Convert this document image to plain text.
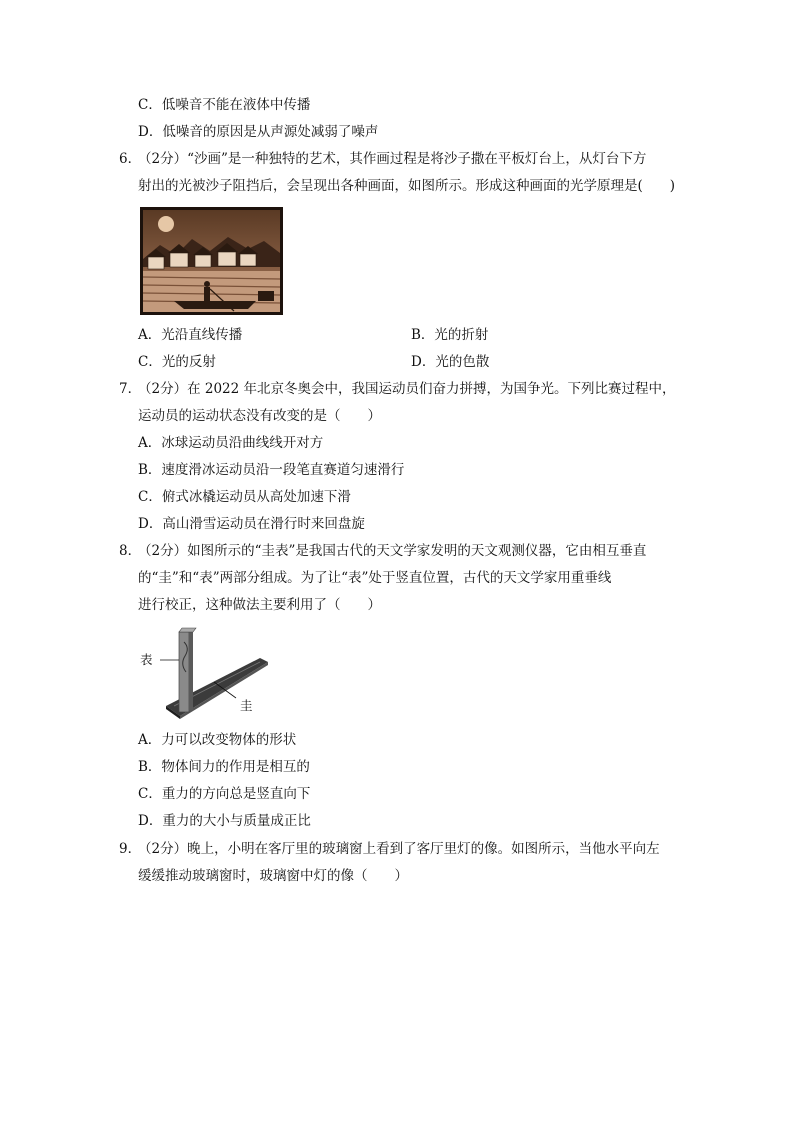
C．低噪音不能在液体中传播
D．低噪音的原因是从声源处减弱了噪声
6．
（2分）“沙画”是一种独特的艺术，其作画过程是将沙子撒在平板灯台上，从灯台下方
射出的光被沙子阻挡后，会呈现出各种画面，如图所示。形成这种画面的光学原理是(　　)
A．光沿直线传播	B．光的折射
C．光的反射	D．光的色散
7．
（2分）在 2022 年北京冬奥会中，我国运动员们奋力拼搏，为国争光。下列比赛过程中，
运动员的运动状态没有改变的是（　　）
A．冰球运动员沿曲线线开对方
B．速度滑冰运动员沿一段笔直赛道匀速滑行
C．俯式冰橇运动员从高处加速下滑
D．高山滑雪运动员在滑行时来回盘旋
8．
（2分）如图所示的“圭表”是我国古代的天文学家发明的天文观测仪器，它由相互垂直
的“圭”和“表”两部分组成。为了让“表”处于竖直位置，古代的天文学家用重垂线
进行校正，这种做法主要利用了（　　）
表
圭
A．力可以改变物体的形状
B．物体间力的作用是相互的
C．重力的方向总是竖直向下
D．重力的大小与质量成正比
9．
（2分）晚上，小明在客厅里的玻璃窗上看到了客厅里灯的像。如图所示，当他水平向左
缓缓推动玻璃窗时，玻璃窗中灯的像（　　）
